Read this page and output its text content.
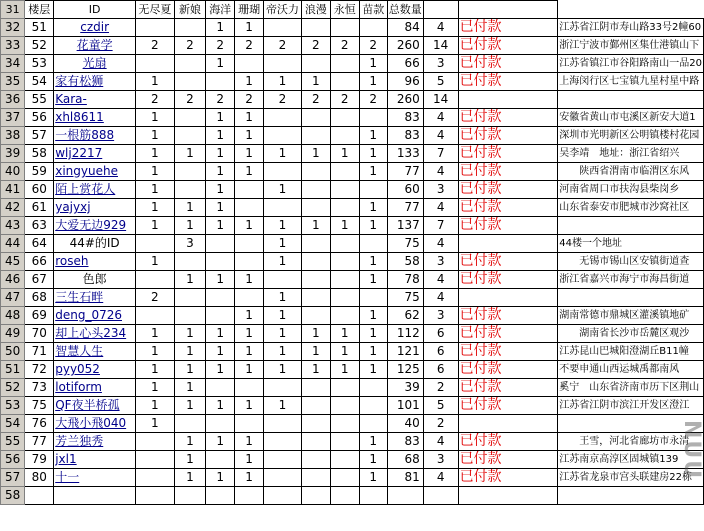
31	楼层	ID	无尽夏	新娘	海洋	珊瑚	帝沃力	浪漫	永恒	苗款	总数量			
32	51	czdir			1	1					84	4	已付款	江苏省江阴市寿山路33号2幢60
33	52	花童学	2	2	2	2	2	2	2	2	260	14	已付款	浙江宁波市鄞州区集仕港镇山下
34	53	光扇			1					1	66	3	已付款	江苏省镇江市谷阳路南山一品20
35	54	家有松狮	1			1	1	1		1	96	5	已付款	上海闵行区七宝镇九星村星中路
36	55	Kara-	2	2	2	2	2	2	2	2	260	14		
37	56	xhl8611	1		1	1					83	4	已付款	安徽省黄山市屯溪区新安大道1
38	57	一根筋888	1		1	1				1	83	4	已付款	深圳市光明新区公明镇楼村花园
39	58	wlj2217	1	1	1	1	1	1	1	1	133	7	已付款	吴李靖　地址：浙江省绍兴
40	59	xingyuehe	1		1	1				1	77	4	已付款	　　陕西省渭南市临渭区东风
41	60	陌上赏花人	1		1		1				60	3	已付款	河南省周口市扶沟县柴岗乡
42	61	yajyxj	1	1	1					1	77	4	已付款	山东省泰安市肥城市沙窝社区
43	63	大爱无边929	1	1	1	1	1	1	1	1	137	7	已付款	
44	64	44#的ID		3			1				75	4		44楼一个地址
45	66	roseh	1				1			1	58	3	已付款	　　无锡市锡山区安镇街道查
46	67	色郎		1	1	1				1	78	4	已付款	浙江省嘉兴市海宁市海昌街道
47	68	三生石畔	2				1				75	4		
48	69	deng_0726				1	1			1	62	3	已付款	湖南常德市鼎城区灌溪镇地矿
49	70	却上心头234	1	1	1	1	1	1	1	1	112	6	已付款	　　湖南省长沙市岳麓区观沙
50	71	智慧人生	1	1	1	1	1	1	1	1	121	6	已付款	江苏昆山巴城阳澄湖丘B11幢
51	72	pyy052	1	1	1	1	1	1	1	1	125	6	已付款	不要申通山西运城禹都南风
52	73	lotiform	1	1							39	2	已付款	奚宁　山东省济南市历下区荆山
53	75	QF夜半桥孤	1	1	1	1	1				101	5	已付款	江苏省江阴市滨江开发区澄江
54	76	大飛小飛040	1								40	2		
55	77	芳兰独秀		1	1	1				1	83	4	已付款	　　王雪，河北省廊坊市永清
56	79	jxl1		1		1				1	68	3	已付款	江苏南京高淳区固城镇139
57	80	十一		1	1	1				1	81	4	已付款	江苏省龙泉市宫头联建房22栋
58														
NUU
